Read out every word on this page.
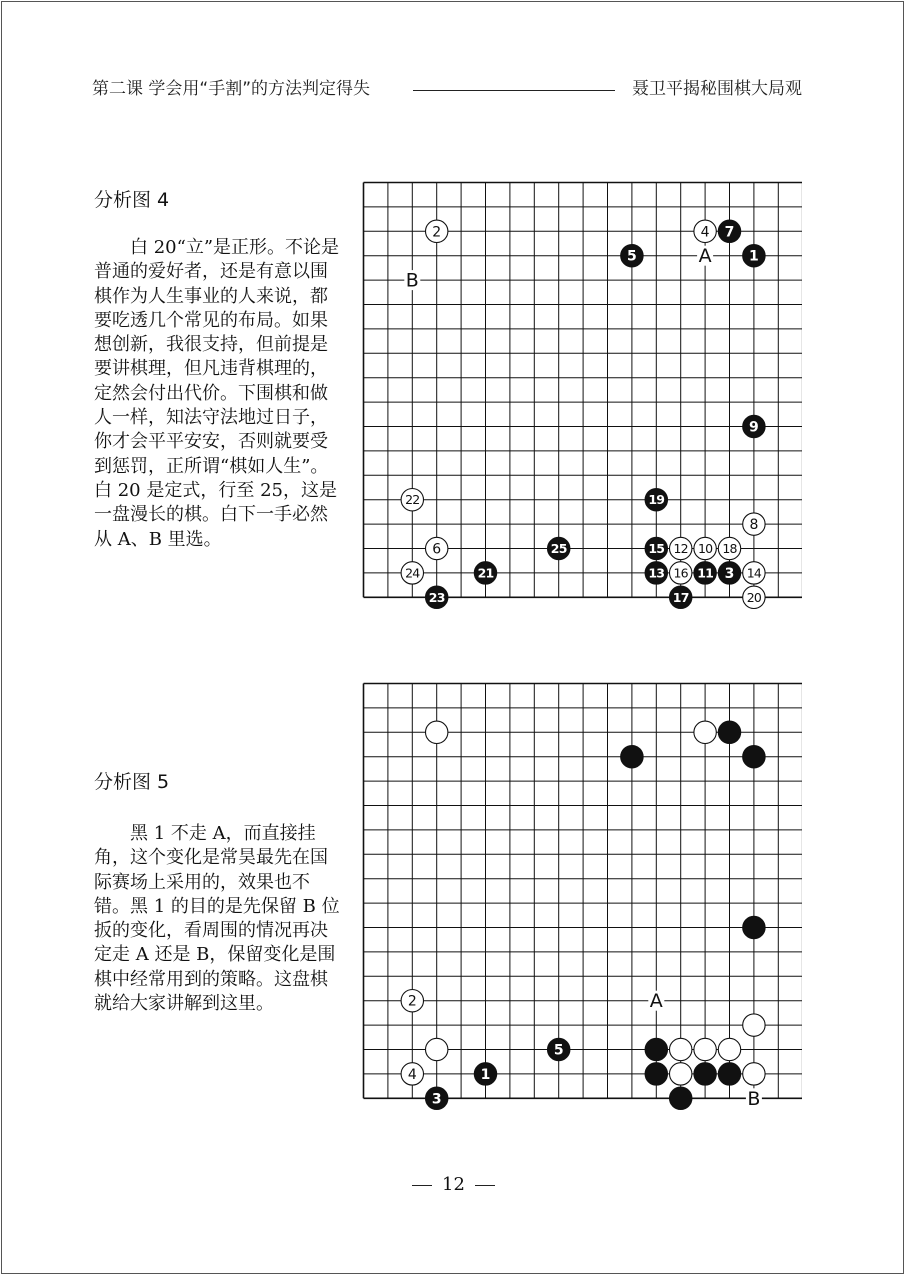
第二课 学会用“手割”的方法判定得失	聂卫平揭秘围棋大局观
分析图 4

　　白 20“立”是正形。不论是普通的爱好者，还是有意以围棋作为人生事业的人来说，都要吃透几个常见的布局。如果想创新，我很支持，但前提是要讲棋理，但凡违背棋理的，定然会付出代价。下围棋和做人一样，知法守法地过日子，你才会平平安安，否则就要受到惩罚，正所谓“棋如人生”。白 20 是定式，行至 25，这是一盘漫长的棋。白下一手必然从 A、B 里选。

A
B
2	4 7
5	1
9
22	19
8
6	25	15 12 10 18
24	21	13 16 11 3 14
23	17	20
分析图 5

　　黑 1 不走 A，而直接挂角，这个变化是常昊最先在国际赛场上采用的，效果也不错。黑 1 的目的是先保留 B 位扳的变化，看周围的情况再决定走 A 还是 B，保留变化是围棋中经常用到的策略。这盘棋就给大家讲解到这里。	A
B
2
5
4	1
3
12
